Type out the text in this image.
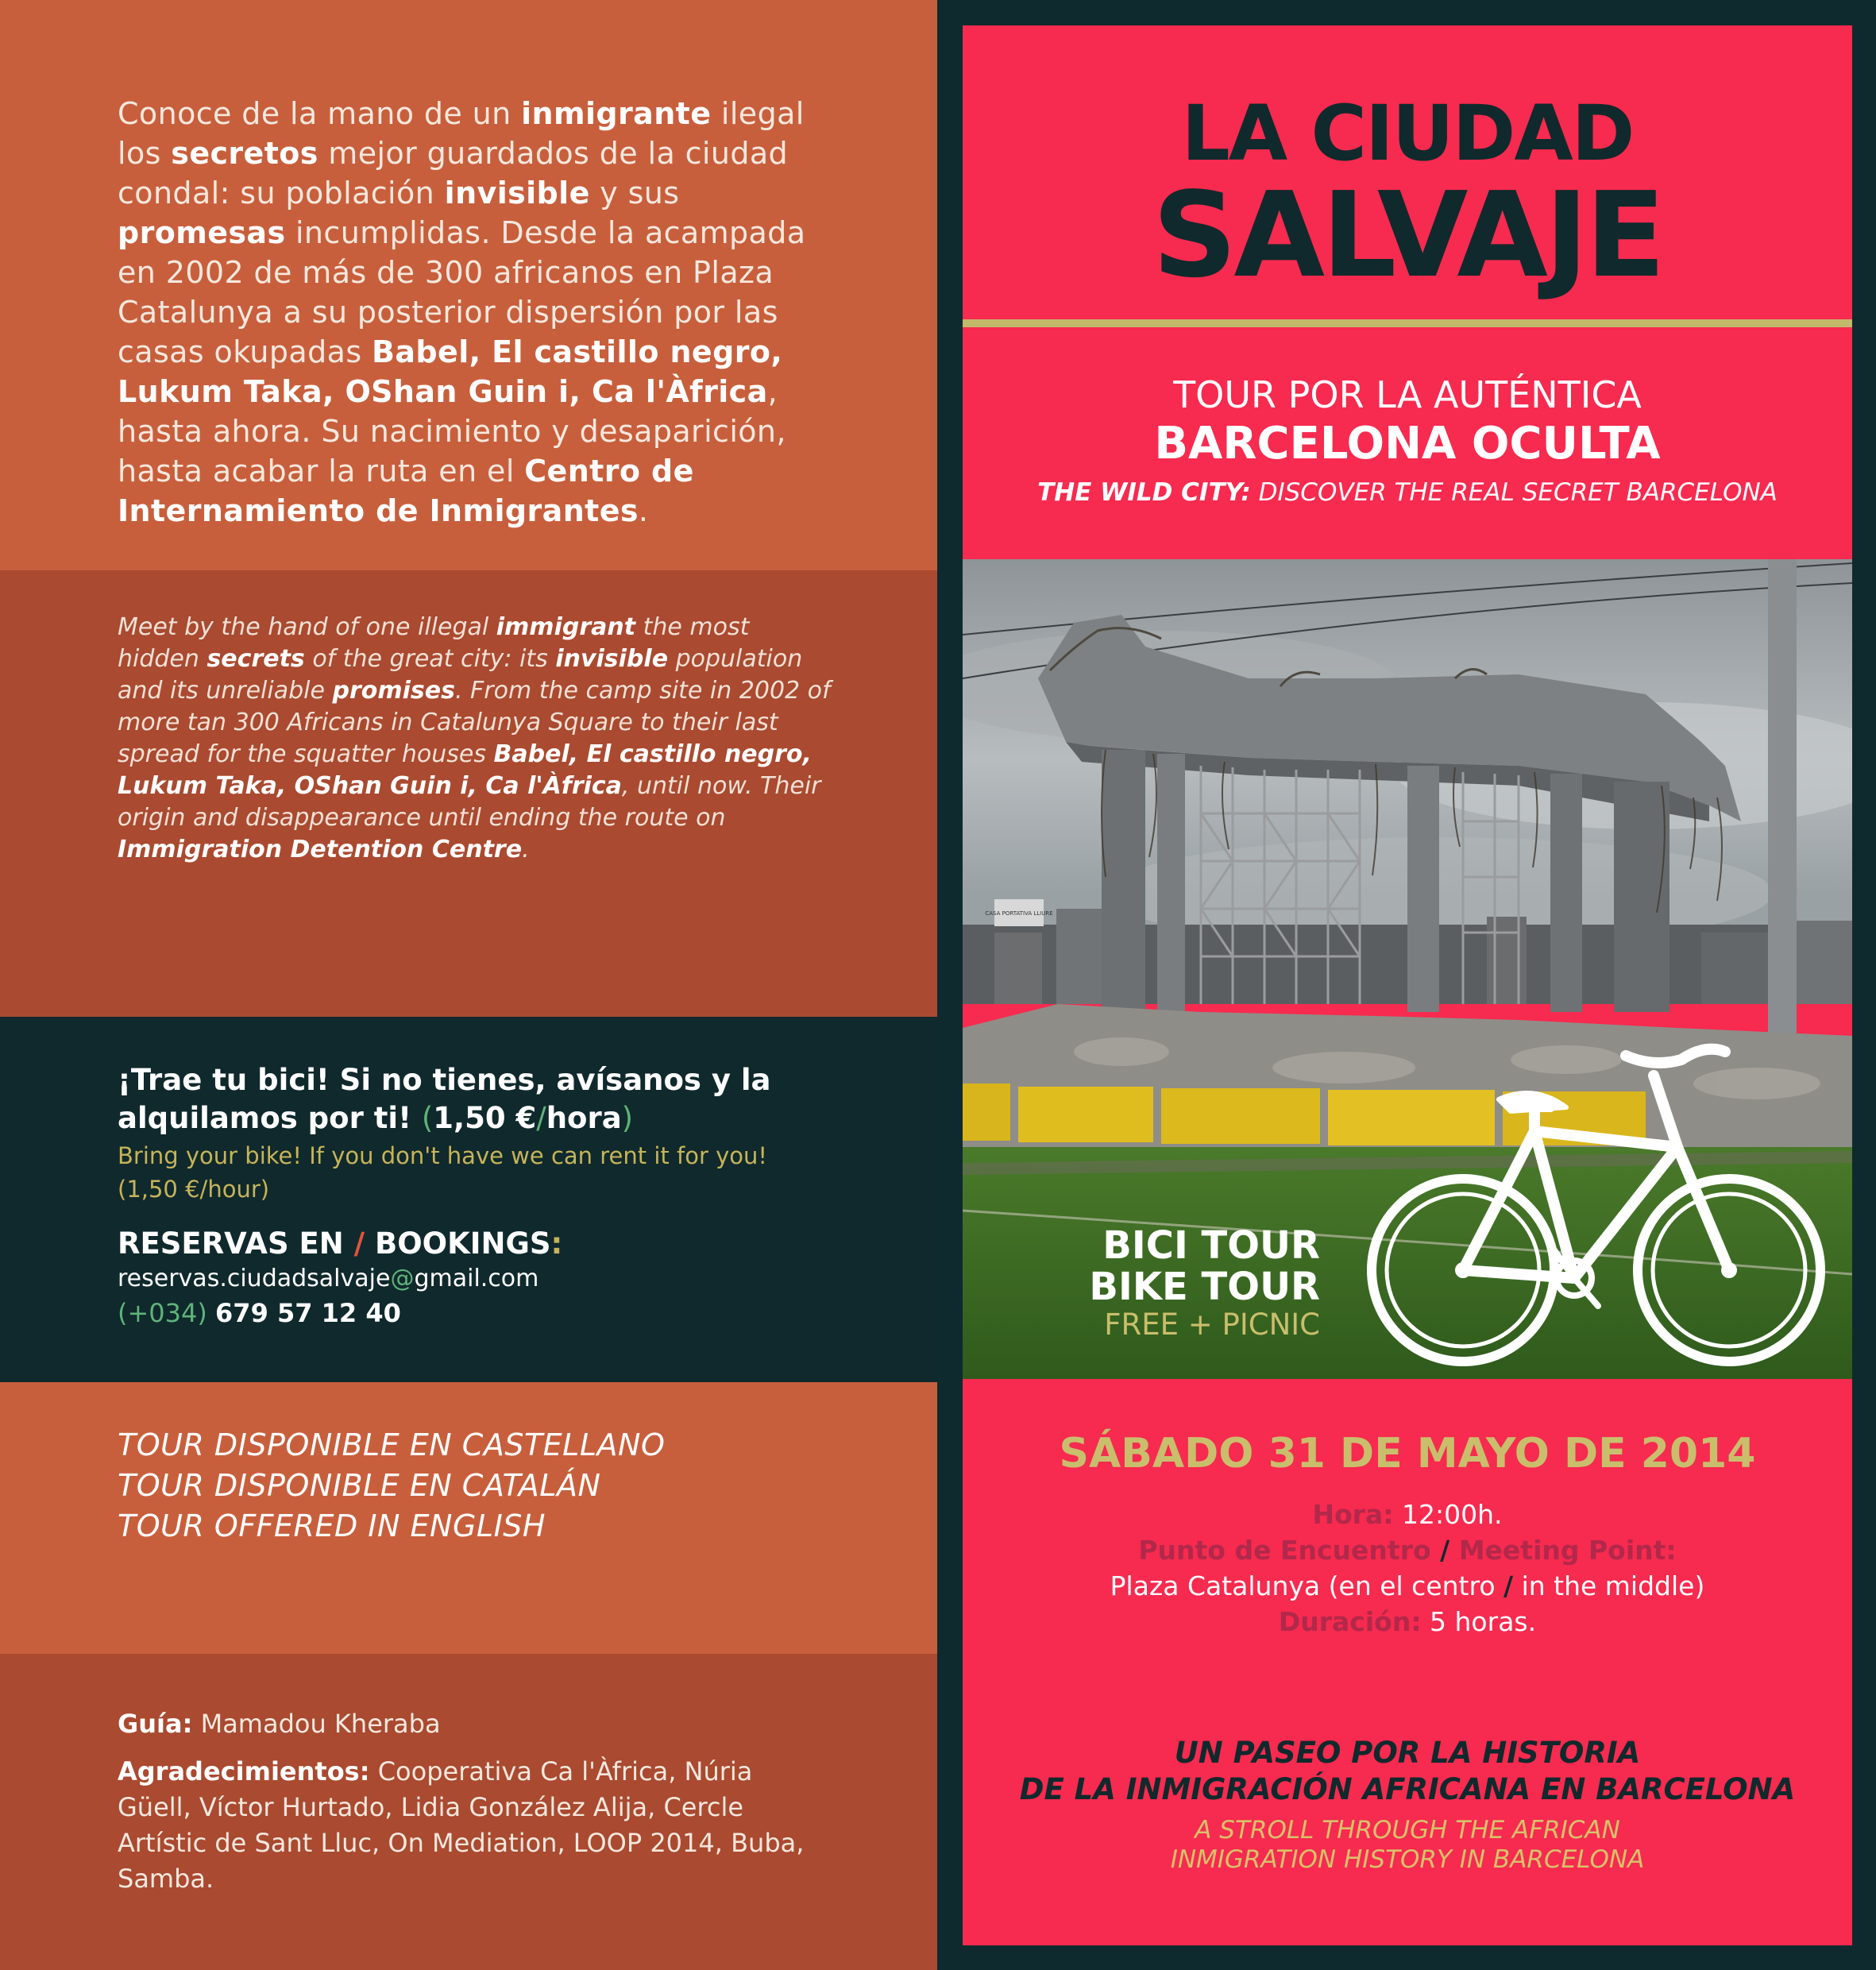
Conoce de la mano de un inmigrante ilegal los secretos mejor guardados de la ciudad condal: su población invisible y sus promesas incumplidas. Desde la acampada en 2002 de más de 300 africanos en Plaza Catalunya a su posterior dispersión por las casas okupadas Babel, El castillo negro, Lukum Taka, OShan Guin i, Ca l'Àfrica, hasta ahora. Su nacimiento y desaparición, hasta acabar la ruta en el Centro de Internamiento de Inmigrantes.

Meet by the hand of one illegal immigrant the most hidden secrets of the great city: its invisible population and its unreliable promises. From the camp site in 2002 of more tan 300 Africans in Catalunya Square to their last spread for the squatter houses Babel, El castillo negro, Lukum Taka, OShan Guin i, Ca l'Àfrica, until now. Their origin and disappearance until ending the route on Immigration Detention Centre.

¡Trae tu bici! Si no tienes, avísanos y la alquilamos por ti! (1,50 €/hora)

Bring your bike! If you don't have we can rent it for you! (1,50 €/hour)

RESERVAS EN / BOOKINGS:

reservas.ciudadsalvaje@gmail.com

(+034) 679 57 12 40

TOUR DISPONIBLE EN CASTELLANO
TOUR DISPONIBLE EN CATALÁN
TOUR OFFERED IN ENGLISH

Guía: Mamadou Kheraba

Agradecimientos: Cooperativa Ca l'Àfrica, Núria Güell, Víctor Hurtado, Lidia González Alija, Cercle Artístic de Sant Lluc, On Mediation, LOOP 2014, Buba, Samba.

LA CIUDAD
SALVAJE
TOUR POR LA AUTÉNTICA
BARCELONA OCULTA
THE WILD CITY: DISCOVER THE REAL SECRET BARCELONA
CASA PORTATIVA LLIURE
BICI TOUR
BIKE TOUR
FREE + PICNIC
SÁBADO 31 DE MAYO DE 2014
Hora: 12:00h.
Punto de Encuentro / Meeting Point:
Plaza Catalunya (en el centro / in the middle)
Duración: 5 horas.
UN PASEO POR LA HISTORIA
DE LA INMIGRACIÓN AFRICANA EN BARCELONA
A STROLL THROUGH THE AFRICAN
INMIGRATION HISTORY IN BARCELONA
